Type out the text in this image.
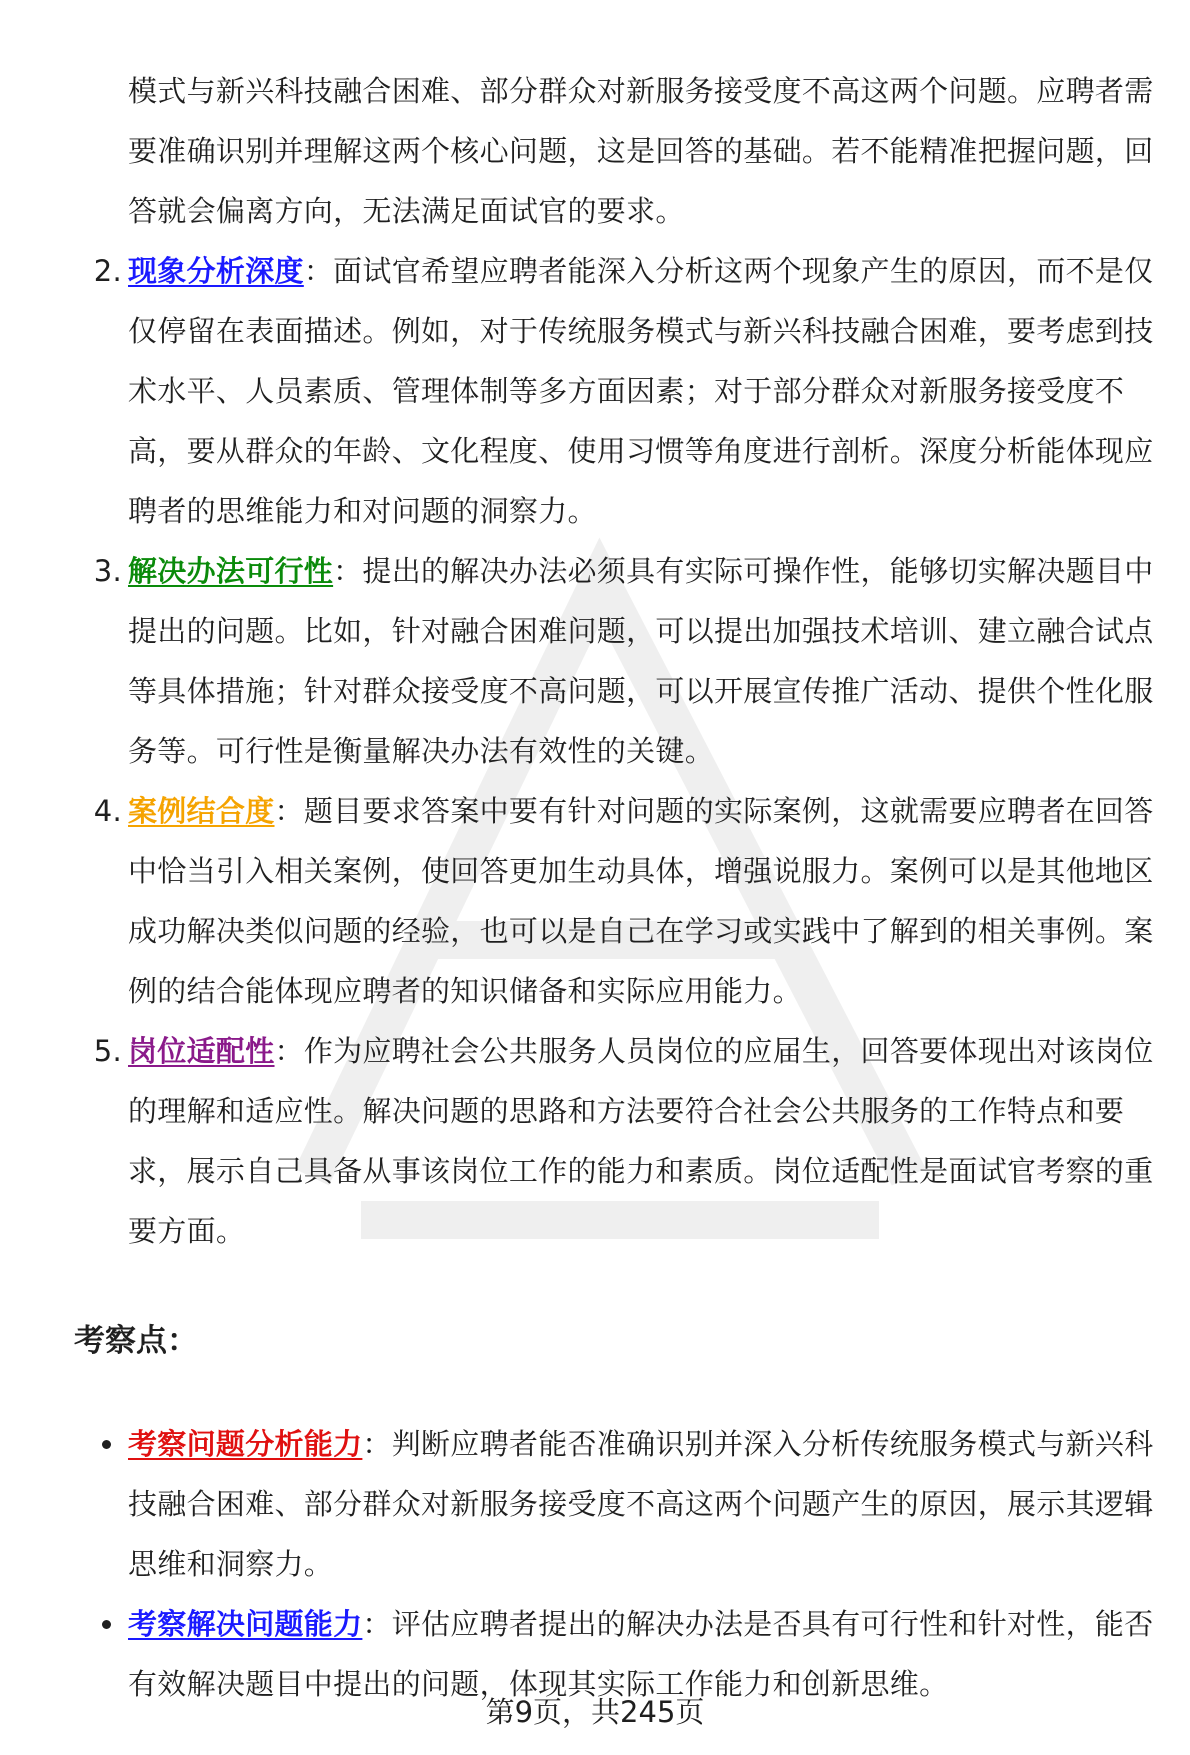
模式与新兴科技融合困难、部分群众对新服务接受度不高这两个问题。应聘者需要准确识别并理解这两个核心问题，这是回答的基础。若不能精准把握问题，回答就会偏离方向，无法满足面试官的要求。
2. 现象分析深度：面试官希望应聘者能深入分析这两个现象产生的原因，而不是仅仅停留在表面描述。例如，对于传统服务模式与新兴科技融合困难，要考虑到技术水平、人员素质、管理体制等多方面因素；对于部分群众对新服务接受度不高，要从群众的年龄、文化程度、使用习惯等角度进行剖析。深度分析能体现应聘者的思维能力和对问题的洞察力。
3. 解决办法可行性：提出的解决办法必须具有实际可操作性，能够切实解决题目中提出的问题。比如，针对融合困难问题，可以提出加强技术培训、建立融合试点等具体措施；针对群众接受度不高问题，可以开展宣传推广活动、提供个性化服务等。可行性是衡量解决办法有效性的关键。
4. 案例结合度：题目要求答案中要有针对问题的实际案例，这就需要应聘者在回答中恰当引入相关案例，使回答更加生动具体，增强说服力。案例可以是其他地区成功解决类似问题的经验，也可以是自己在学习或实践中了解到的相关事例。案例的结合能体现应聘者的知识储备和实际应用能力。
5. 岗位适配性：作为应聘社会公共服务人员岗位的应届生，回答要体现出对该岗位的理解和适应性。解决问题的思路和方法要符合社会公共服务的工作特点和要求，展示自己具备从事该岗位工作的能力和素质。岗位适配性是面试官考察的重要方面。
考察点：
考察问题分析能力：判断应聘者能否准确识别并深入分析传统服务模式与新兴科技融合困难、部分群众对新服务接受度不高这两个问题产生的原因，展示其逻辑思维和洞察力。
考察解决问题能力：评估应聘者提出的解决办法是否具有可行性和针对性，能否有效解决题目中提出的问题，体现其实际工作能力和创新思维。
第9页，共245页
